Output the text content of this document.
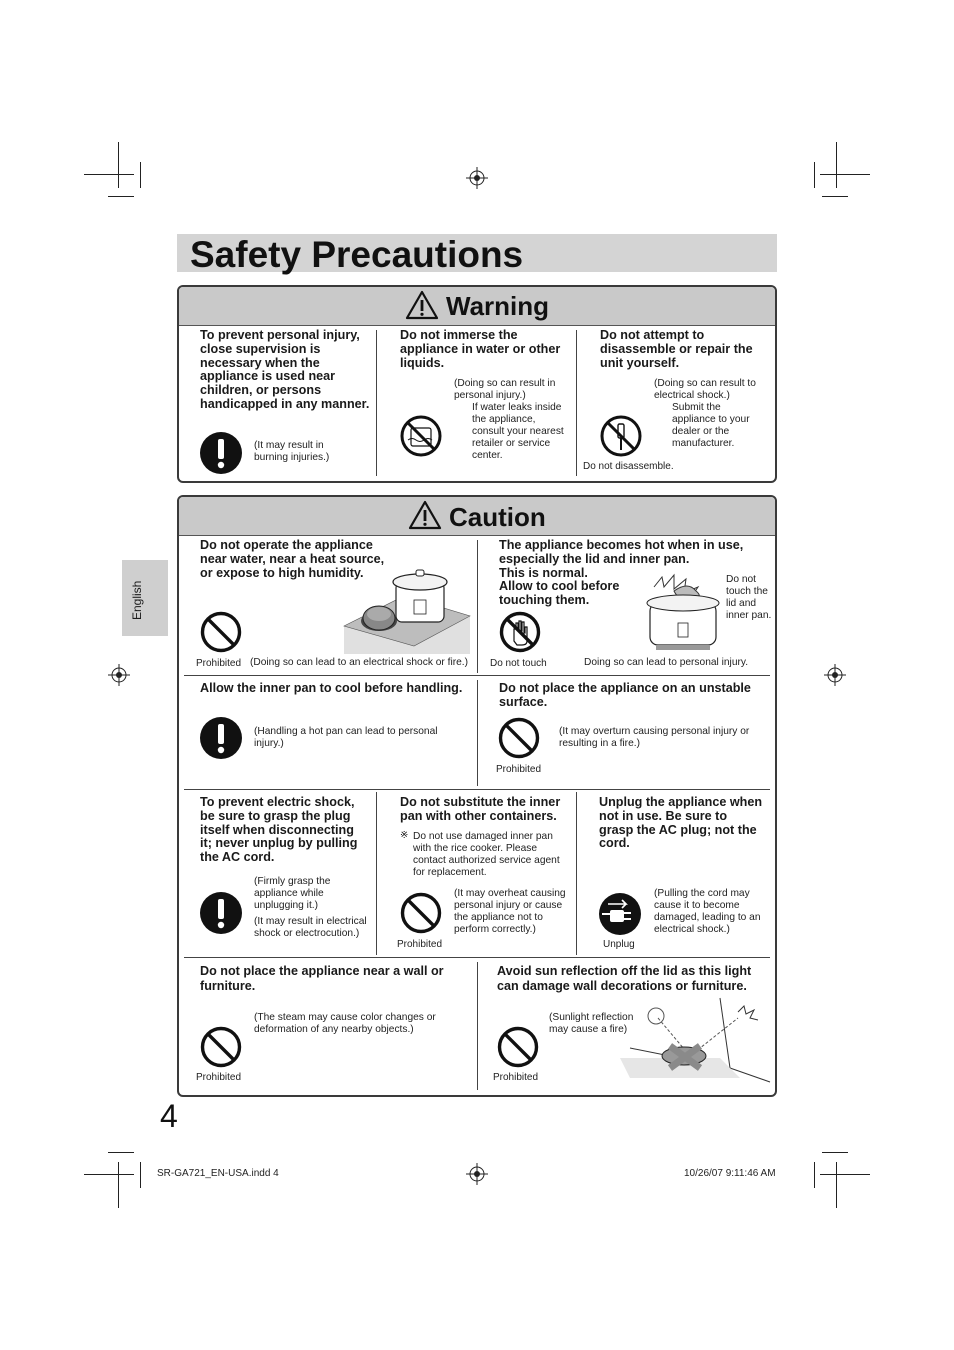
Safety Precautions
English
Warning
To prevent personal injury, close supervision is necessary when the appliance is used near children, or persons handicapped in any manner.
(It may result in burning injuries.)
Do not immerse the appliance in water or other liquids.
(Doing so can result in personal injury.)
If water leaks inside the appliance, consult your nearest retailer or service center.
Do not attempt to disassemble or repair the unit yourself.
(Doing so can result to electrical shock.)
Submit the appliance to your dealer or the manufacturer.
Do not disassemble.
Caution
Do not operate the appliance near water, near a heat source, or expose to high humidity.
Prohibited (Doing so can lead to an electrical shock or fire.)
The appliance becomes hot when in use, especially the lid and inner pan.
This is normal.
Allow to cool before touching them.
Do not touch the lid and inner pan.
Do not touch	Doing so can lead to personal injury.
Allow the inner pan to cool before handling.
(Handling a hot pan can lead to personal injury.)
Do not place the appliance on an unstable surface.
(It may overturn causing personal injury or resulting in a fire.)
Prohibited
To prevent electric shock, be sure to grasp the plug itself when disconnecting it; never unplug by pulling the AC cord.
(Firmly grasp the appliance while unplugging it.)
(It may result in electrical shock or electrocution.)
Do not substitute the inner pan with other containers.
※ Do not use damaged inner pan with the rice cooker. Please contact authorized service agent for replacement.
(It may overheat causing personal injury or cause the appliance not to perform correctly.)
Prohibited
Unplug the appliance when not in use. Be sure to grasp the AC plug; not the cord.
(Pulling the cord may cause it to become damaged, leading to an electrical shock.)
Unplug
Do not place the appliance near a wall or furniture.
(The steam may cause color changes or deformation of any nearby objects.)
Prohibited
Avoid sun reflection off the lid as this light can damage wall decorations or furniture.
(Sunlight reflection may cause a fire)
Prohibited
4
SR-GA721_EN-USA.indd 4	10/26/07 9:11:46 AM
